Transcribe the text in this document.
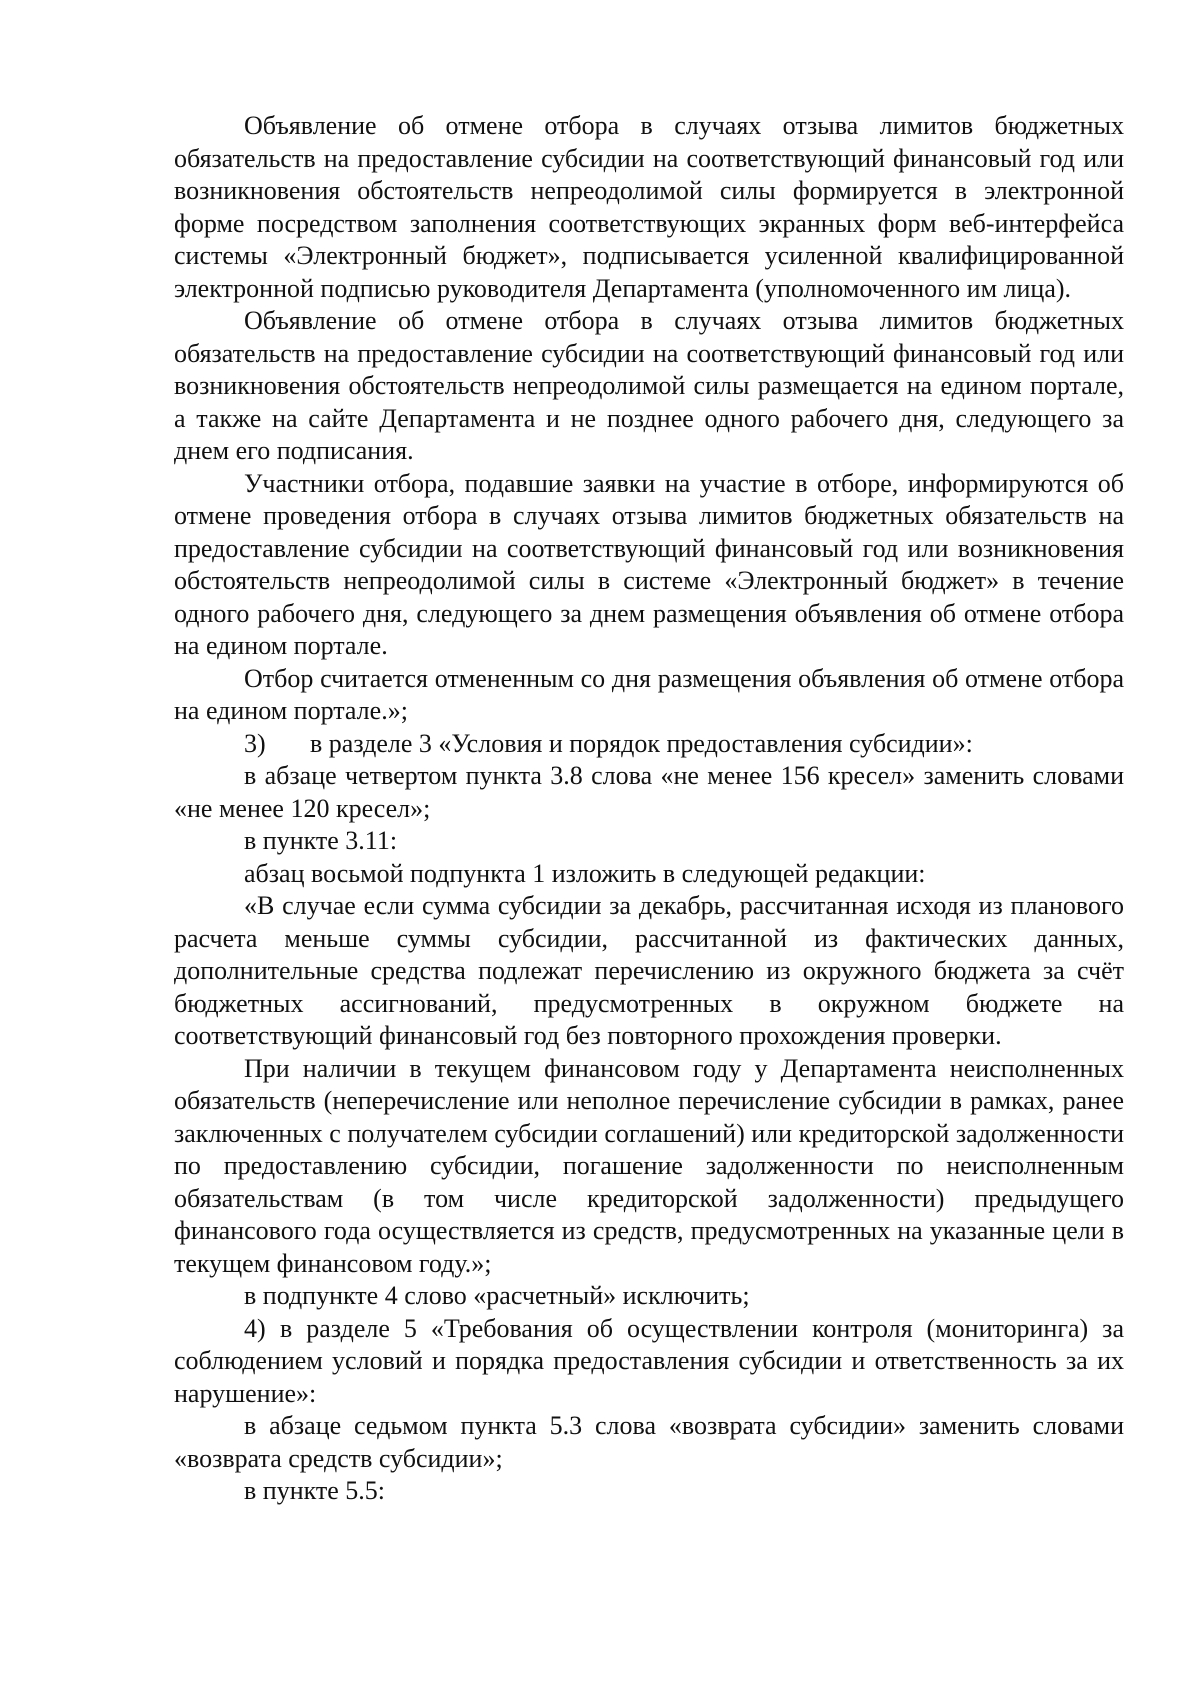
Объявление об отмене отбора в случаях отзыва лимитов бюджетных обязательств на предоставление субсидии на соответствующий финансовый год или возникновения обстоятельств непреодолимой силы формируется в электронной форме посредством заполнения соответствующих экранных форм веб-интерфейса системы «Электронный бюджет», подписывается усиленной квалифицированной электронной подписью руководителя Департамента (уполномоченного им лица).

Объявление об отмене отбора в случаях отзыва лимитов бюджетных обязательств на предоставление субсидии на соответствующий финансовый год или возникновения обстоятельств непреодолимой силы размещается на едином портале, а также на сайте Департамента и не позднее одного рабочего дня, следующего за днем его подписания.

Участники отбора, подавшие заявки на участие в отборе, информируются об отмене проведения отбора в случаях отзыва лимитов бюджетных обязательств на предоставление субсидии на соответствующий финансовый год или возникновения обстоятельств непреодолимой силы в системе «Электронный бюджет» в течение одного рабочего дня, следующего за днем размещения объявления об отмене отбора на едином портале.

Отбор считается отмененным со дня размещения объявления об отмене отбора на едином портале.»;

3) в разделе 3 «Условия и порядок предоставления субсидии»:

в абзаце четвертом пункта 3.8 слова «не менее 156 кресел» заменить словами «не менее 120 кресел»;

в пункте 3.11:

абзац восьмой подпункта 1 изложить в следующей редакции:

«В случае если сумма субсидии за декабрь, рассчитанная исходя из планового расчета меньше суммы субсидии, рассчитанной из фактических данных, дополнительные средства подлежат перечислению из окружного бюджета за счёт бюджетных ассигнований, предусмотренных в окружном бюджете на соответствующий финансовый год без повторного прохождения проверки.

При наличии в текущем финансовом году у Департамента неисполненных обязательств (неперечисление или неполное перечисление субсидии в рамках, ранее заключенных с получателем субсидии соглашений) или кредиторской задолженности по предоставлению субсидии, погашение задолженности по неисполненным обязательствам (в том числе кредиторской задолженности) предыдущего финансового года осуществляется из средств, предусмотренных на указанные цели в текущем финансовом году.»;

в подпункте 4 слово «расчетный» исключить;

4) в разделе 5 «Требования об осуществлении контроля (мониторинга) за соблюдением условий и порядка предоставления субсидии и ответственность за их нарушение»:

в абзаце седьмом пункта 5.3 слова «возврата субсидии» заменить словами «возврата средств субсидии»;

в пункте 5.5:
